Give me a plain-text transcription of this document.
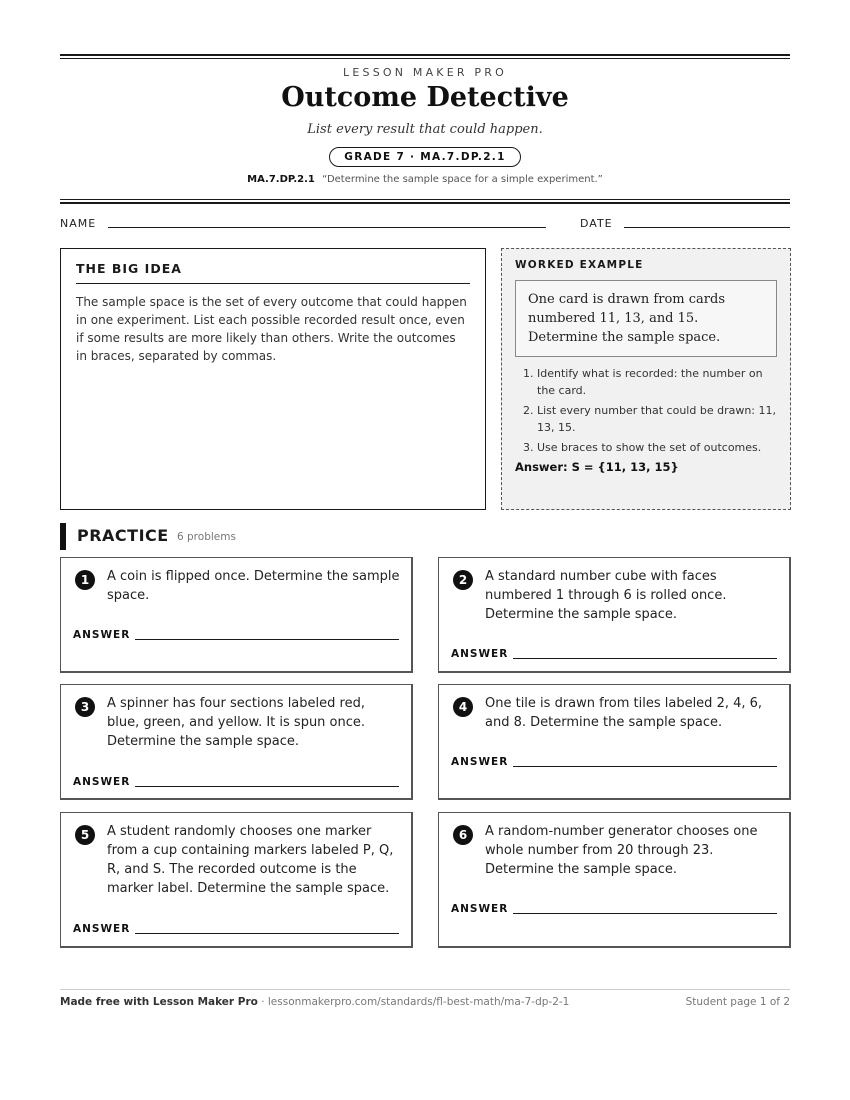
LESSON MAKER PRO
Outcome Detective
List every result that could happen.
GRADE 7 · MA.7.DP.2.1
MA.7.DP.2.1 “Determine the sample space for a simple experiment.”
NAME	DATE
THE BIG IDEA

The sample space is the set of every outcome that could happen in one experiment. List each possible recorded result once, even if some results are more likely than others. Write the outcomes in braces, separated by commas.

WORKED EXAMPLE
One card is drawn from cards numbered 11, 13, and 15. Determine the sample space.
1. Identify what is recorded: the number on the card.
2. List every number that could be drawn: 11, 13, 15.
3. Use braces to show the set of outcomes.
Answer: S = {11, 13, 15}
PRACTICE 6 problems
1	A coin is flipped once. Determine the sample space.
ANSWER
2	A standard number cube with faces numbered 1 through 6 is rolled once. Determine the sample space.
ANSWER
3	A spinner has four sections labeled red, blue, green, and yellow. It is spun once. Determine the sample space.
ANSWER
4	One tile is drawn from tiles labeled 2, 4, 6, and 8. Determine the sample space.
ANSWER
5	A student randomly chooses one marker from a cup containing markers labeled P, Q, R, and S. The recorded outcome is the marker label. Determine the sample space.
ANSWER
6	A random-number generator chooses one whole number from 20 through 23. Determine the sample space.
ANSWER
Made free with Lesson Maker Pro · lessonmakerpro.com/standards/fl-best-math/ma-7-dp-2-1	Student page 1 of 2
